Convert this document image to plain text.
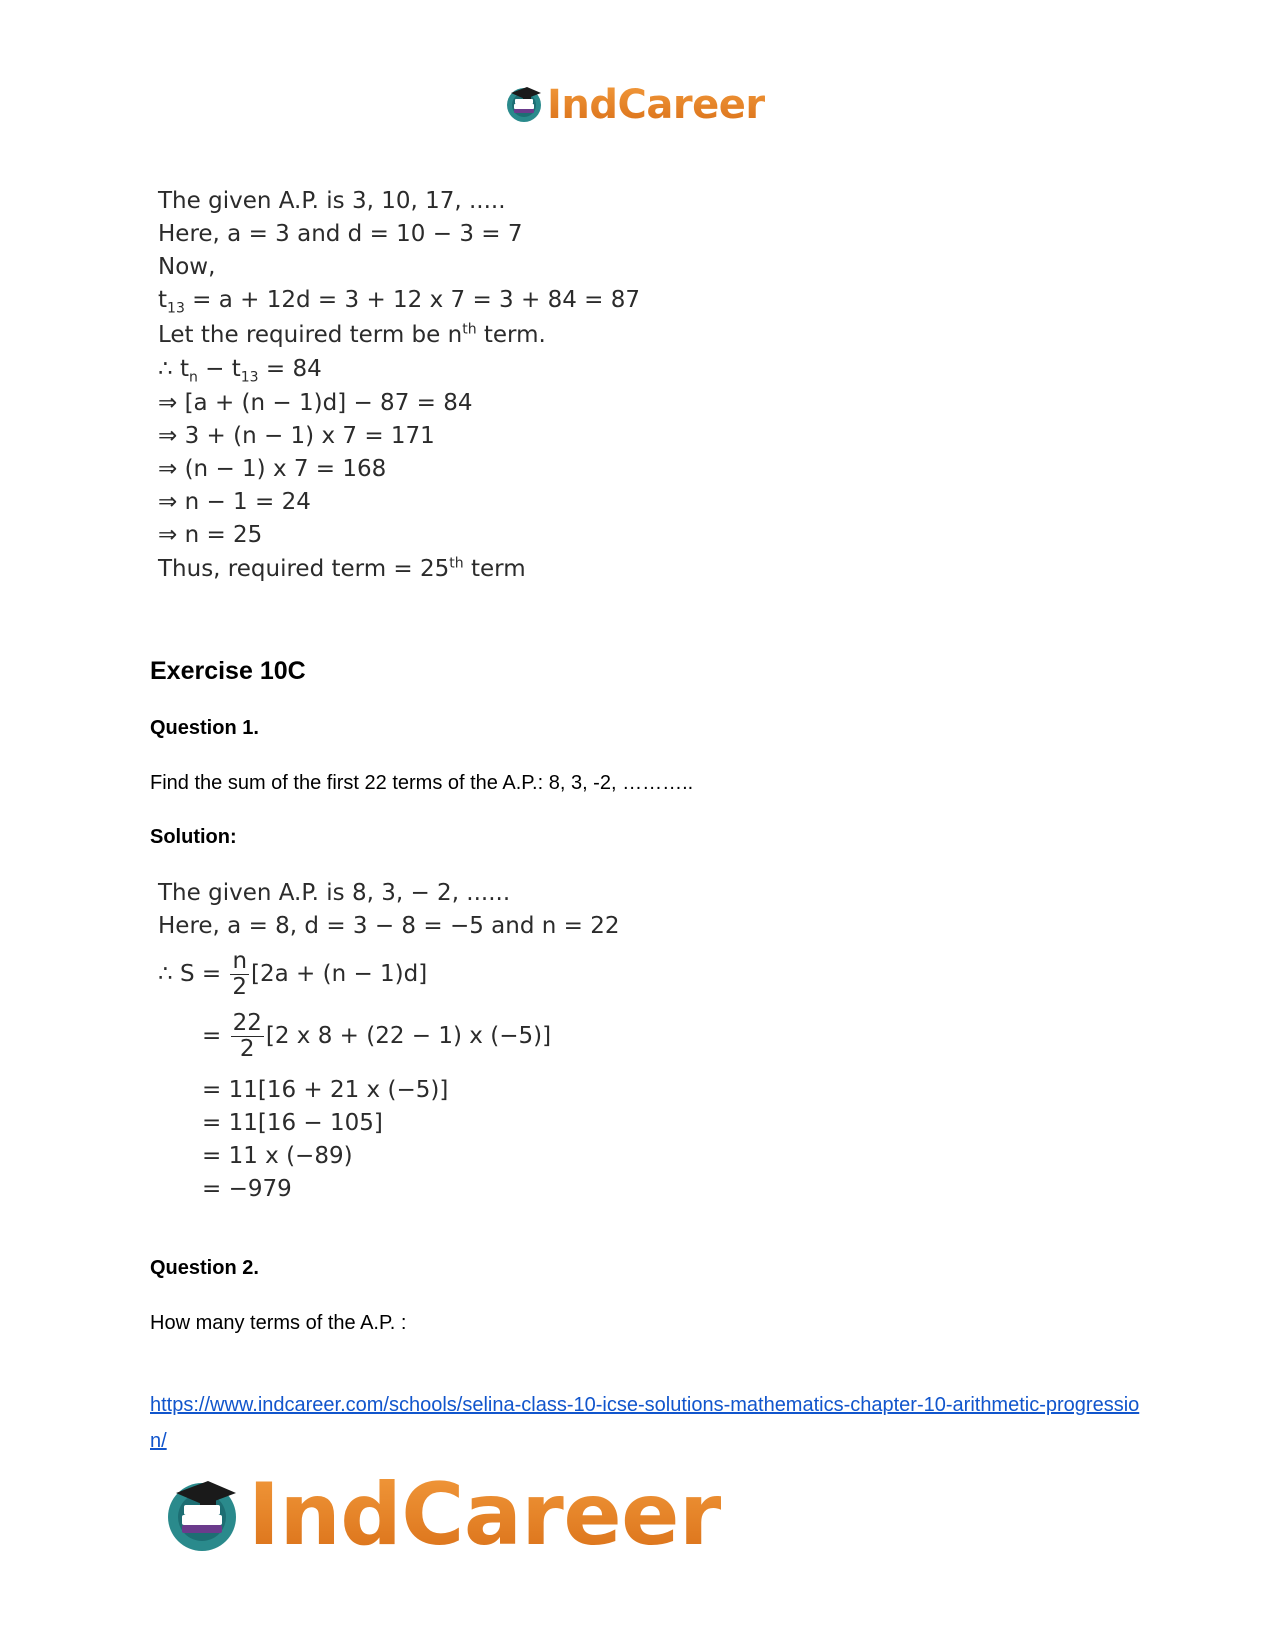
IndCareer
The given A.P. is 3, 10, 17, .....
Here, a = 3 and d = 10 − 3 = 7
Now,
$t_{13} = a + 12d = 3 + 12$ x 7 = 3 + 84 = 87
Let the required term be $n^{th}$ term.
∴ $t_n - t_{13} = 84$
⇒ [a + (n − 1)d] − 87 = 84
⇒ 3 + (n − 1) x 7 = 171
⇒ (n − 1) x 7 = 168
⇒ n − 1 = 24
⇒ n = 25
Thus, required term = 25th term
Exercise 10C
Question 1.
Find the sum of the first 22 terms of the A.P.: 8, 3, -2, ………..
Solution:
The given A.P. is 8, 3, − 2, ......
Here, a = 8, d = 3 − 8 = −5 and n = 22
∴ $S = \frac{n}{2} [2a + (n - 1)d]$
= $\frac{22}{2} [2$ x 8 + (22 − 1) x (−5)]
= 11[16 + 21 x (−5)]
= 11[16 − 105]
= 11 x (−89)
= −979
Question 2.
How many terms of the A.P. :
https://www.indcareer.com/schools/selina-class-10-icse-solutions-mathematics-chapter-10-arithmetic-progression/
IndCareer
